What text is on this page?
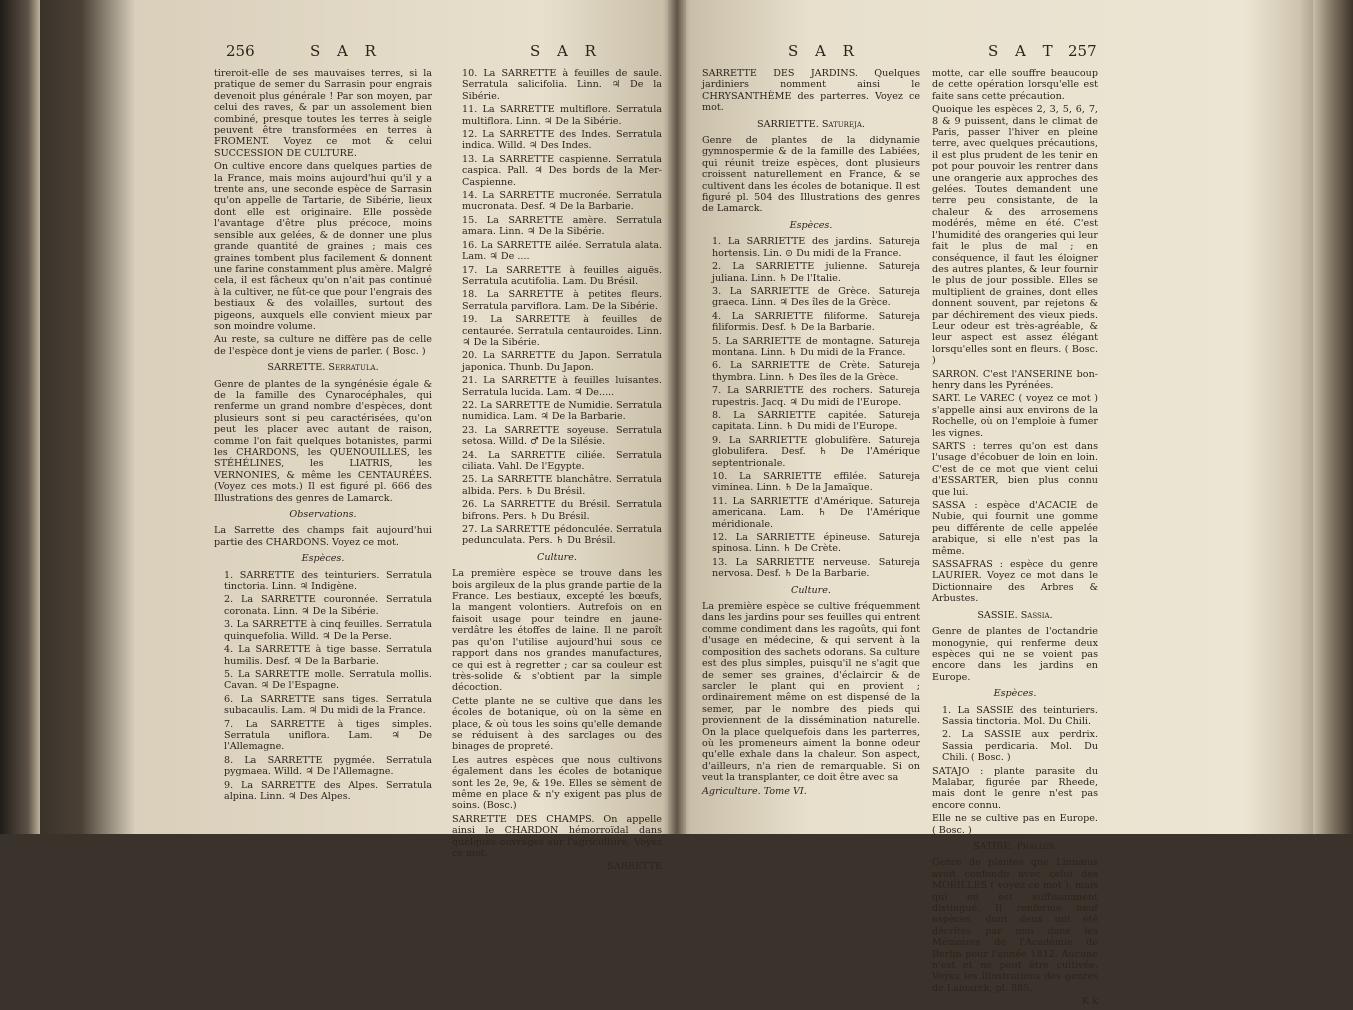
256	S A R	S A R

tireroit-elle de ses mauvaises terres, si la pratique de semer du Sarrasin pour engrais devenoit plus générale ! Par son moyen, par celui des raves, & par un assolement bien combiné, presque toutes les terres à seigle peuvent être transformées en terres à FROMENT. Voyez ce mot & celui SUCCESSION DE CULTURE.

On cultive encore dans quelques parties de la France, mais moins aujourd'hui qu'il y a trente ans, une seconde espèce de Sarrasin qu'on appelle de Tartarie, de Sibérie, lieux dont elle est originaire. Elle possède l'avantage d'être plus précoce, moins sensible aux gelées, & de donner une plus grande quantité de graines ; mais ces graines tombent plus facilement & donnent une farine constamment plus amère. Malgré cela, il est fâcheux qu'on n'ait pas continué à la cultiver, ne fût-ce que pour l'engrais des bestiaux & des volailles, surtout des pigeons, auxquels elle convient mieux par son moindre volume.

Au reste, sa culture ne diffère pas de celle de l'espèce dont je viens de parler. ( Bosc. )

SARRETTE. Serratula.

Genre de plantes de la syngénésie égale & de la famille des Cynarocéphales, qui renferme un grand nombre d'espèces, dont plusieurs sont si peu caractérisées, qu'on peut les placer avec autant de raison, comme l'on fait quelques botanistes, parmi les CHARDONS, les QUENOUILLES, les STÉHÉLINES, les LIATRIS, les VERNONIES, & même les CENTAURÉES. (Voyez ces mots.) Il est figuré pl. 666 des Illustrations des genres de Lamarck.

Observations.

La Sarrette des champs fait aujourd'hui partie des CHARDONS. Voyez ce mot.

Espèces.

1. SARRETTE des teinturiers. Serratula tinctoria. Linn. ♃ Indigène.

2. La SARRETTE couronnée. Serratula coronata. Linn. ♃ De la Sibérie.

3. La SARRETTE à cinq feuilles. Serratula quinquefolia. Willd. ♃ De la Perse.

4. La SARRETTE à tige basse. Serratula humilis. Desf. ♃ De la Barbarie.

5. La SARRETTE molle. Serratula mollis. Cavan. ♃ De l'Espagne.

6. La SARRETTE sans tiges. Serratula subacaulis. Lam. ♃ Du midi de la France.

7. La SARRETTE à tiges simples. Serratula uniflora. Lam. ♃ De l'Allemagne.

8. La SARRETTE pygmée. Serratula pygmaea. Willd. ♃ De l'Allemagne.

9. La SARRETTE des Alpes. Serratula alpina. Linn. ♃ Des Alpes.

10. La SARRETTE à feuilles de saule. Serratula salicifolia. Linn. ♃ De la Sibérie.

11. La SARRETTE multiflore. Serratula multiflora. Linn. ♃ De la Sibérie.

12. La SARRETTE des Indes. Serratula indica. Willd. ♃ Des Indes.

13. La SARRETTE caspienne. Serratula caspica. Pall. ♃ Des bords de la Mer-Caspienne.

14. La SARRETTE mucronée. Serratula mucronata. Desf. ♃ De la Barbarie.

15. La SARRETTE amère. Serratula amara. Linn. ♃ De la Sibérie.

16. La SARRETTE ailée. Serratula alata. Lam. ♃ De ....

17. La SARRETTE à feuilles aiguës. Serratula acutifolia. Lam. Du Brésil.

18. La SARRETTE à petites fleurs. Serratula parviflora. Lam. De la Sibérie.

19. La SARRETTE à feuilles de centaurée. Serratula centauroides. Linn. ♃ De la Sibérie.

20. La SARRETTE du Japon. Serratula japonica. Thunb. Du Japon.

21. La SARRETTE à feuilles luisantes. Serratula lucida. Lam. ♃ De.....

22. La SARRETTE de Numidie. Serratula numidica. Lam. ♃ De la Barbarie.

23. La SARRETTE soyeuse. Serratula setosa. Willd. ♂ De la Silésie.

24. La SARRETTE ciliée. Serratula ciliata. Vahl. De l'Egypte.

25. La SARRETTE blanchâtre. Serratula albida. Pers. ♄ Du Brésil.

26. La SARRETTE du Brésil. Serratula bifrons. Pers. ♄ Du Brésil.

27. La SARRETTE pédonculée. Serratula pedunculata. Pers. ♄ Du Brésil.

Culture.

La première espèce se trouve dans les bois argileux de la plus grande partie de la France. Les bestiaux, excepté les bœufs, la mangent volontiers. Autrefois on en faisoit usage pour teindre en jaune-verdâtre les étoffes de laine. Il ne paroît pas qu'on l'utilise aujourd'hui sous ce rapport dans nos grandes manufactures, ce qui est à regretter ; car sa couleur est très-solide & s'obtient par la simple décoction.

Cette plante ne se cultive que dans les écoles de botanique, où on la sème en place, & où tous les soins qu'elle demande se réduisent à des sarclages ou des binages de propreté.

Les autres espèces que nous cultivons également dans les écoles de botanique sont les 2e, 9e, & 19e. Elles se sèment de même en place & n'y exigent pas plus de soins. (Bosc.)

SARRETTE DES CHAMPS. On appelle ainsi le CHARDON hémorroïdal dans quelques ouvrages sur l'agriculture. Voyez ce mot.

SARRETTE

S A R	S A T 257

SARRETTE DES JARDINS. Quelques jardiniers nomment ainsi le CHRYSANTHÈME des parterres. Voyez ce mot.

SARRIETTE. Satureja.

Genre de plantes de la didynamie gymnospermie & de la famille des Labiées, qui réunit treize espèces, dont plusieurs croissent naturellement en France, & se cultivent dans les écoles de botanique. Il est figuré pl. 504 des Illustrations des genres de Lamarck.

Espèces.

1. La SARRIETTE des jardins. Satureja hortensis. Lin. ⊙ Du midi de la France.

2. La SARRIETTE julienne. Satureja juliana. Linn. ♄ De l'Italie.

3. La SARRIETTE de Grèce. Satureja graeca. Linn. ♃ Des îles de la Grèce.

4. La SARRIETTE filiforme. Satureja filiformis. Desf. ♄ De la Barbarie.

5. La SARRIETTE de montagne. Satureja montana. Linn. ♄ Du midi de la France.

6. La SARRIETTE de Crète. Satureja thymbra. Linn. ♄ Des îles de la Grèce.

7. La SARRIETTE des rochers. Satureja rupestris. Jacq. ♃ Du midi de l'Europe.

8. La SARRIETTE capitée. Satureja capitata. Linn. ♄ Du midi de l'Europe.

9. La SARRIETTE globulifère. Satureja globulifera. Desf. ♄ De l'Amérique septentrionale.

10. La SARRIETTE effilée. Satureja viminea. Linn. ♄ De la Jamaïque.

11. La SARRIETTE d'Amérique. Satureja americana. Lam. ♄ De l'Amérique méridionale.

12. La SARRIETTE épineuse. Satureja spinosa. Linn. ♄ De Crète.

13. La SARRIETTE nerveuse. Satureja nervosa. Desf. ♄ De la Barbarie.

Culture.

La première espèce se cultive fréquemment dans les jardins pour ses feuilles qui entrent comme condiment dans les ragoûts, qui font d'usage en médecine, & qui servent à la composition des sachets odorans. Sa culture est des plus simples, puisqu'il ne s'agit que de semer ses graines, d'éclaircir & de sarcler le plant qui en provient ; ordinairement même on est dispensé de la semer, par le nombre des pieds qui proviennent de la dissémination naturelle. On la place quelquefois dans les parterres, où les promeneurs aiment la bonne odeur qu'elle exhale dans la chaleur. Son aspect, d'ailleurs, n'a rien de remarquable. Si on veut la transplanter, ce doit être avec sa

Agriculture. Tome VI.

motte, car elle souffre beaucoup de cette opération lorsqu'elle est faite sans cette précaution.

Quoique les espèces 2, 3, 5, 6, 7, 8 & 9 puissent, dans le climat de Paris, passer l'hiver en pleine terre, avec quelques précautions, il est plus prudent de les tenir en pot pour pouvoir les rentrer dans une orangerie aux approches des gelées. Toutes demandent une terre peu consistante, de la chaleur & des arrosemens modérés, même en été. C'est l'humidité des orangeries qui leur fait le plus de mal ; en conséquence, il faut les éloigner des autres plantes, & leur fournir le plus de jour possible. Elles se multiplient de graines, dont elles donnent souvent, par rejetons & par déchirement des vieux pieds. Leur odeur est très-agréable, & leur aspect est assez élégant lorsqu'elles sont en fleurs. ( Bosc. )

SARRON. C'est l'ANSERINE bon-henry dans les Pyrénées.

SART. Le VAREC ( voyez ce mot ) s'appelle ainsi aux environs de la Rochelle, où on l'emploie à fumer les vignes.

SARTS : terres qu'on est dans l'usage d'écobuer de loin en loin. C'est de ce mot que vient celui d'ESSARTER, bien plus connu que lui.

SASSA : espèce d'ACACIE de Nubie, qui fournit une gomme peu différente de celle appelée arabique, si elle n'est pas la même.

SASSAFRAS : espèce du genre LAURIER. Voyez ce mot dans le Dictionnaire des Arbres & Arbustes.

SASSIE. Sassia.

Genre de plantes de l'octandrie monogynie, qui renferme deux espèces qui ne se voient pas encore dans les jardins en Europe.

Espèces.

1. La SASSIE des teinturiers. Sassia tinctoria. Mol. Du Chili.

2. La SASSIE aux perdrix. Sassia perdicaria. Mol. Du Chili. ( Bosc. )

SATAJO : plante parasite du Malabar, figurée par Rheede, mais dont le genre n'est pas encore connu.

Elle ne se cultive pas en Europe. ( Bosc. )

SATIRE. Phallus.

Genre de plantes que Linnæus avoit confondu avec celui des MORILLES ( voyez ce mot ), mais qui en est suffisamment distingué. Il renferme neuf espèces, dont deux ont été décrites par moi dans les Mémoires de l'Académie de Berlin pour l'année 1812. Aucune n'est et ne peut être cultivée. Voyez les Illustrations des genres de Lamarck, pl. 885.

K k
